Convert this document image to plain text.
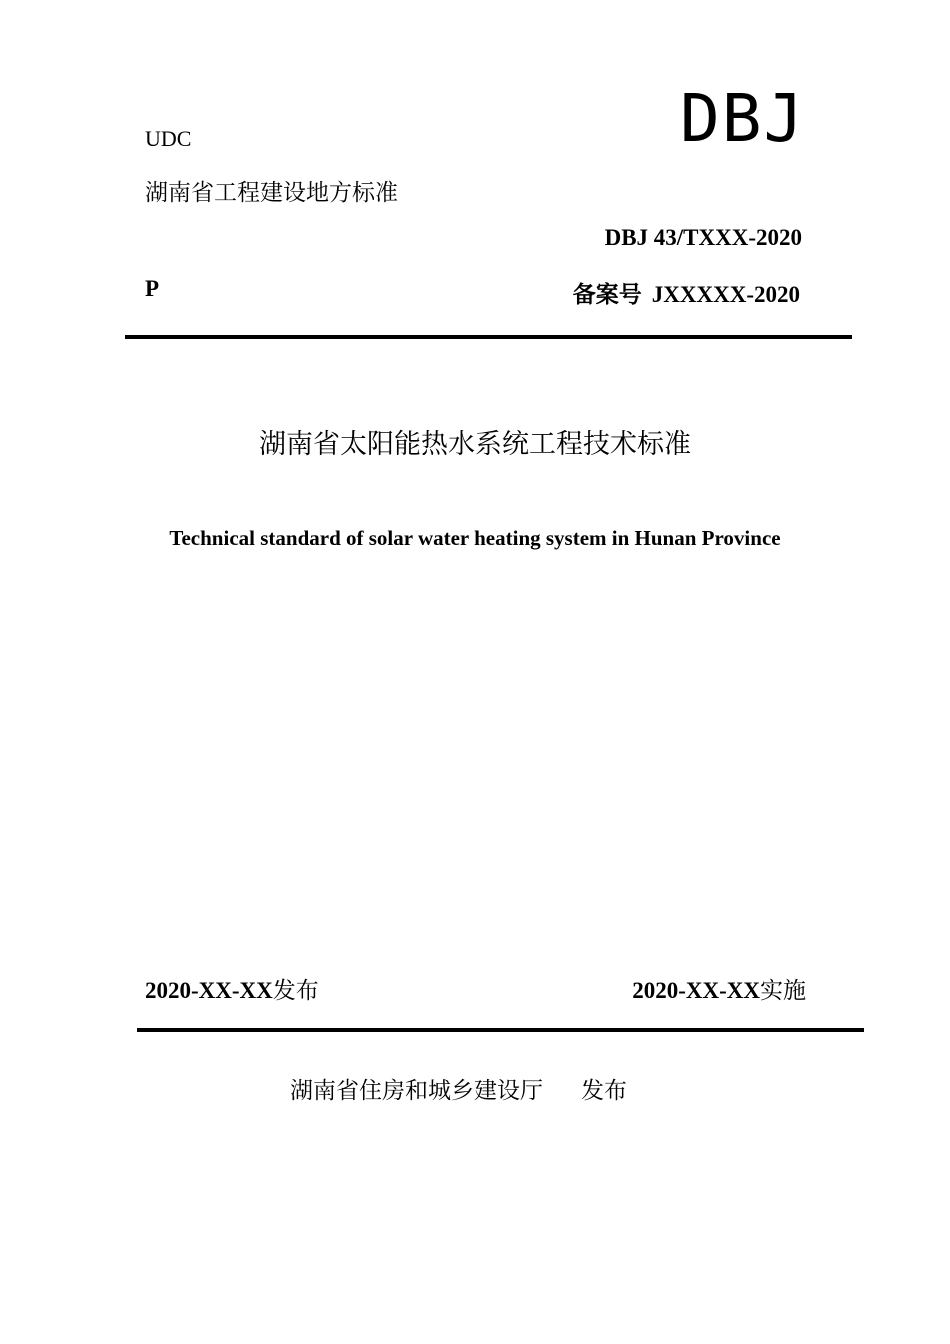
UDC	DBJ
湖南省工程建设地方标准
DBJ 43/TXXX-2020
P	备案号 JXXXXX-2020
湖南省太阳能热水系统工程技术标准
Technical standard of solar water heating system in Hunan Province
2020-XX-XX发布	2020-XX-XX实施
湖南省住房和城乡建设厅 发布
